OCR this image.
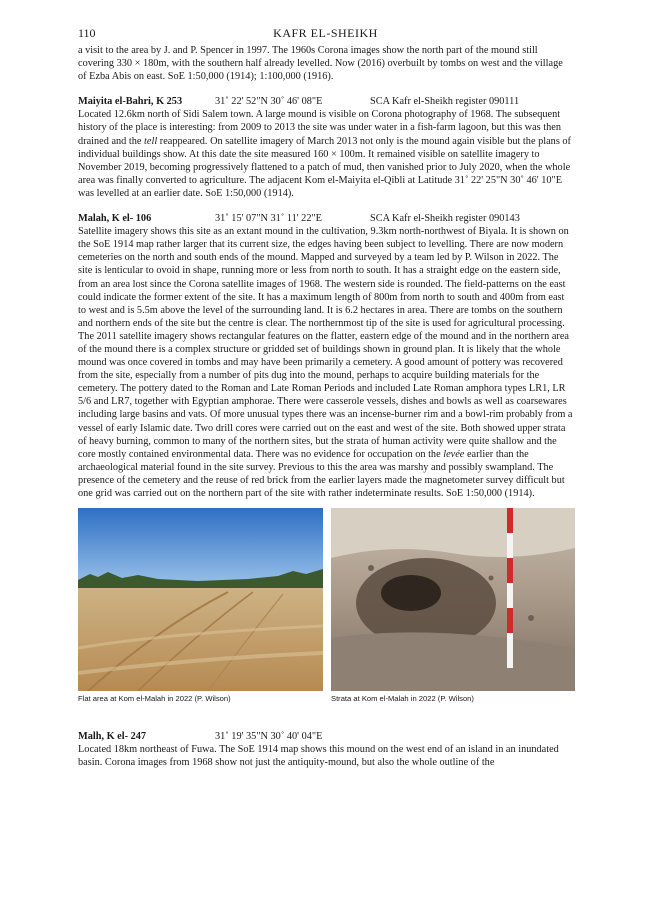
110	KAFR EL-SHEIKH

a visit to the area by J. and P. Spencer in 1997. The 1960s Corona images show the north part of the mound still covering 330 × 180m, with the southern half already levelled. Now (2016) overbuilt by tombs on west and the village of Ezba Abis on east. SoE 1:50,000 (1914); 1:100,000 (1916).

Maiyita el-Bahri, K 253	31˚ 22' 52"N 30˚ 46' 08"E	SCA Kafr el-Sheikh register 090111

Located 12.6km north of Sidi Salem town. A large mound is visible on Corona photography of 1968. The subsequent history of the place is interesting: from 2009 to 2013 the site was under water in a fish-farm lagoon, but this was then drained and the tell reappeared. On satellite imagery of March 2013 not only is the mound again visible but the plans of individual buildings show. At this date the site measured 160 × 100m. It remained visible on satellite imagery to November 2019, becoming progressively flattened to a patch of mud, then vanished prior to July 2020, when the whole area was finally converted to agriculture. The adjacent Kom el-Maiyita el-Qibli at Latitude 31˚ 22' 25"N 30˚ 46' 10"E was levelled at an earlier date. SoE 1:50,000 (1914).

Malah, K el- 106	31˚ 15' 07"N 31˚ 11' 22"E	SCA Kafr el-Sheikh register 090143

Satellite imagery shows this site as an extant mound in the cultivation, 9.3km north-northwest of Biyala. It is shown on the SoE 1914 map rather larger that its current size, the edges having been subject to levelling. There are now modern cemeteries on the north and south ends of the mound. Mapped and surveyed by a team led by P. Wilson in 2022. The site is lenticular to ovoid in shape, running more or less from north to south. It has a straight edge on the eastern side, from an area lost since the Corona satellite images of 1968. The western side is rounded. The field-patterns on the east could indicate the former extent of the site. It has a maximum length of 800m from north to south and 400m from east to west and is 5.5m above the level of the surrounding land. It is 6.2 hectares in area. There are tombs on the southern and northern ends of the site but the centre is clear. The northernmost tip of the site is used for agricultural processing. The 2011 satellite imagery shows rectangular features on the flatter, eastern edge of the mound and in the northern area of the mound there is a complex structure or gridded set of buildings shown in ground plan. It is likely that the whole mound was once covered in tombs and may have been primarily a cemetery. A good amount of pottery was recovered from the site, especially from a number of pits dug into the mound, perhaps to acquire building materials for the cemetery. The pottery dated to the Roman and Late Roman Periods and included Late Roman amphora types LR1, LR 5/6 and LR7, together with Egyptian amphorae. There were casserole vessels, dishes and bowls as well as coarsewares including large basins and vats. Of more unusual types there was an incense-burner rim and a bowl-rim probably from a vessel of early Islamic date. Two drill cores were carried out on the east and west of the site. Both showed upper strata of heavy burning, common to many of the northern sites, but the strata of human activity were quite shallow and the core mostly contained environmental data. There was no evidence for occupation on the levée earlier than the archaeological material found in the site survey. Previous to this the area was marshy and possibly swampland. The presence of the cemetery and the reuse of red brick from the earlier layers made the magnetometer survey difficult but one grid was carried out on the northern part of the site with rather indeterminate results. SoE 1:50,000 (1914).

Flat area at Kom el-Malah in 2022 (P. Wilson)	Strata at Kom el-Malah in 2022 (P. Wilson)
Malh, K el- 247	31˚ 19' 35"N 30˚ 40' 04"E

Located 18km northeast of Fuwa. The SoE 1914 map shows this mound on the west end of an island in an inundated basin. Corona images from 1968 show not just the antiquity-mound, but also the whole outline of the
